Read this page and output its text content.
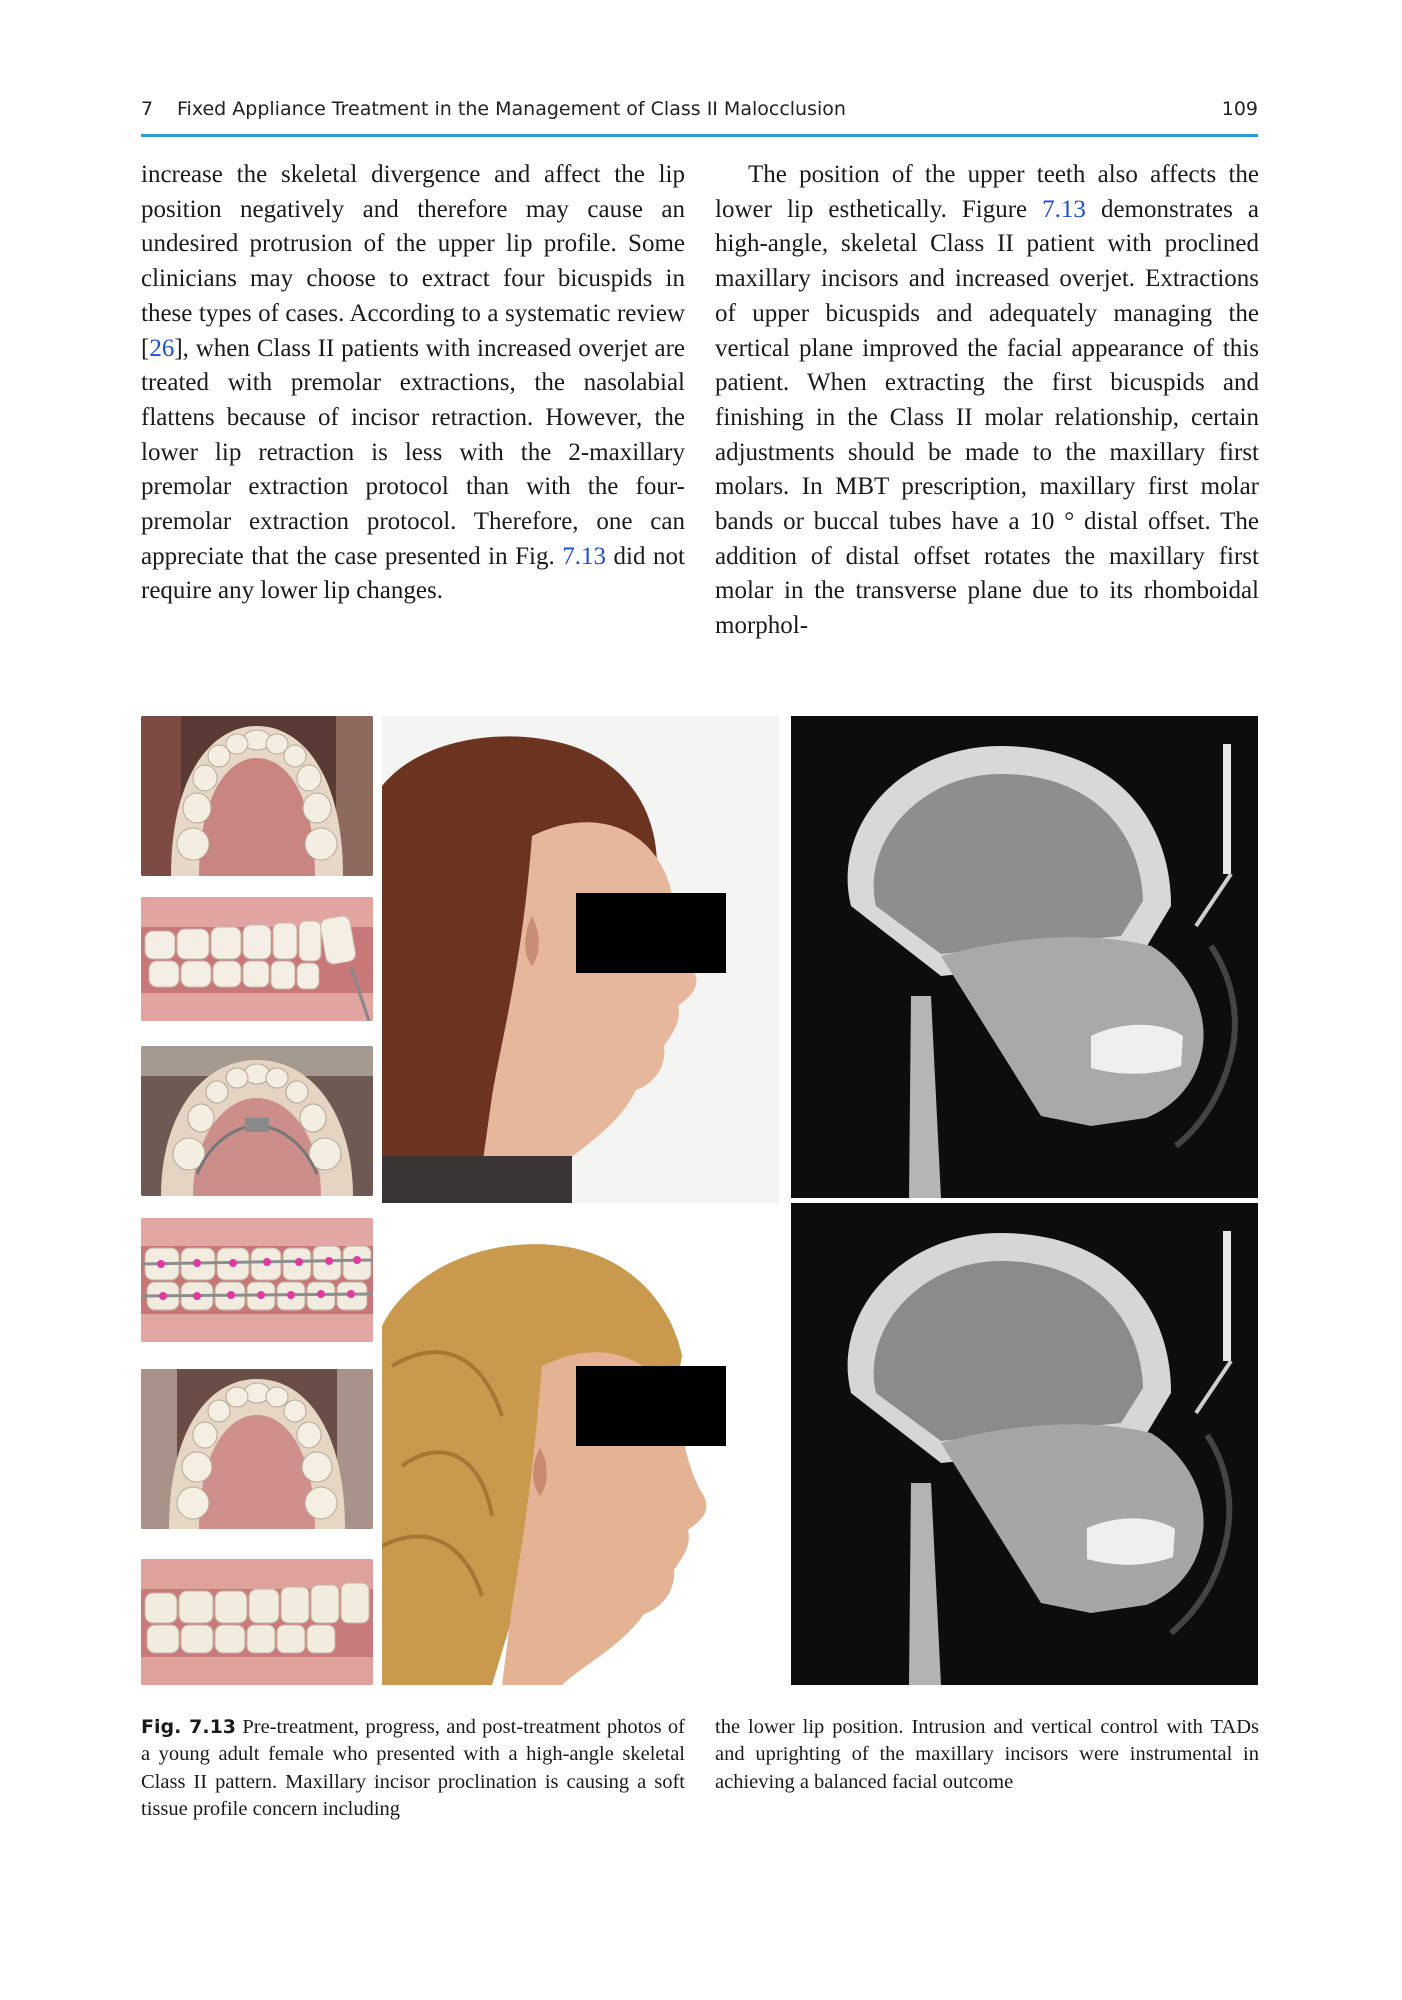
7 Fixed Appliance Treatment in the Management of Class II Malocclusion	109

increase the skeletal divergence and affect the lip position negatively and therefore may cause an undesired protrusion of the upper lip profile. Some clinicians may choose to extract four bicuspids in these types of cases. According to a systematic review [26], when Class II patients with increased overjet are treated with premolar extractions, the nasolabial flattens because of incisor retraction. However, the lower lip retraction is less with the 2-maxillary premolar extraction protocol than with the four-premolar extraction protocol. Therefore, one can appreciate that the case presented in Fig. 7.13 did not require any lower lip changes.

The position of the upper teeth also affects the lower lip esthetically. Figure 7.13 demonstrates a high-angle, skeletal Class II patient with proclined maxillary incisors and increased overjet. Extractions of upper bicuspids and adequately managing the vertical plane improved the facial appearance of this patient. When extracting the first bicuspids and finishing in the Class II molar relationship, certain adjustments should be made to the maxillary first molars. In MBT prescription, maxillary first molar bands or buccal tubes have a 10 ° distal offset. The addition of distal offset rotates the maxillary first molar in the transverse plane due to its rhomboidal morphol-

Fig. 7.13 Pre-treatment, progress, and post-treatment photos of a young adult female who presented with a high-angle skeletal Class II pattern. Maxillary incisor proclination is causing a soft tissue profile concern including
the lower lip position. Intrusion and vertical control with TADs and uprighting of the maxillary incisors were instrumental in achieving a balanced facial outcome
